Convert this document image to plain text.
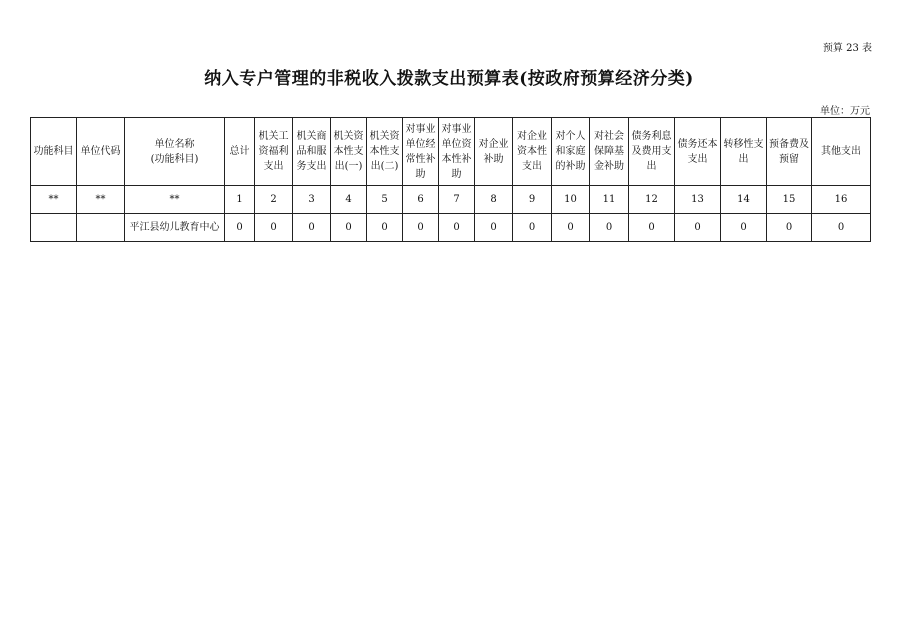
预算 23 表
纳入专户管理的非税收入拨款支出预算表(按政府预算经济分类)
单位：万元
功能科目	单位代码	单位名称
(功能科目)	总计	机关工
资福利
支出	机关商
品和服
务支出	机关资
本性支
出(一)	机关资
本性支
出(二)	对事业
单位经
常性补
助	对事业
单位资
本性补
助	对企业
补助	对企业
资本性
支出	对个人
和家庭
的补助	对社会
保障基
金补助	债务利息
及费用支
出	债务还本
支出	转移性支
出	预备费及
预留	其他支出

**	**	**	1	2	3	4	5	6	7	8	9	10	11	12	13	14	15	16
		平江县幼儿教育中心	0	0	0	0	0	0	0	0	0	0	0	0	0	0	0	0
